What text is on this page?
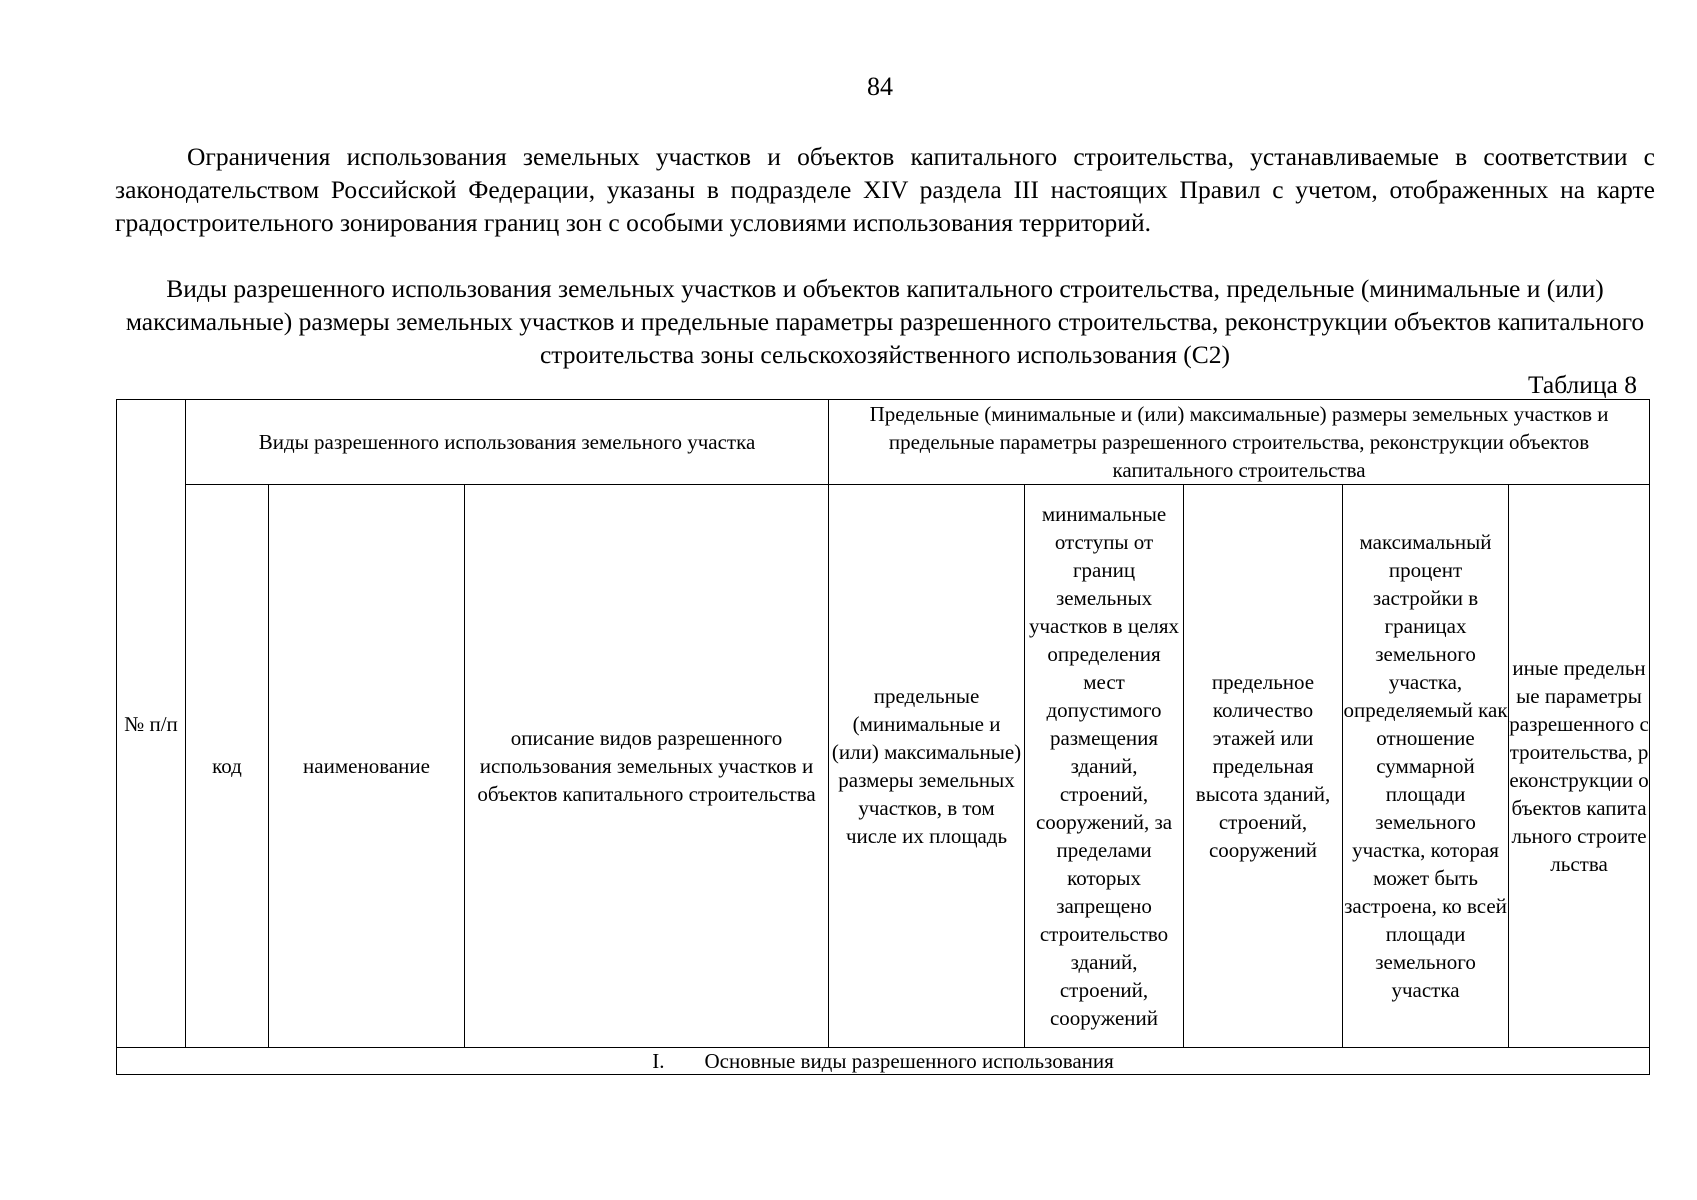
84

Ограничения использования земельных участков и объектов капитального строительства, устанавливаемые в соответствии с законодательством Российской Федерации, указаны в подразделе XIV раздела III настоящих Правил с учетом, отображенных на карте градостроительного зонирования границ зон с особыми условиями использования территорий.

Виды разрешенного использования земельных участков и объектов капитального строительства, предельные (минимальные и (или) максимальные) размеры земельных участков и предельные параметры разрешенного строительства, реконструкции объектов капитального строительства зоны сельскохозяйственного использования (С2)

Таблица 8
№ п/п	Виды разрешенного использования земельного участка			Предельные (минимальные и (или) максимальные) размеры земельных участков и предельные параметры разрешенного строительства, реконструкции объектов капитального строительства				
	код	наименование	описание видов разрешенного использования земельных участков и объектов капитального строительства	предельные (минимальные и (или) максимальные) размеры земельных участков, в том числе их площадь	минимальные отступы от границ земельных участков в целях определения мест допустимого размещения зданий, строений, сооружений, за пределами которых запрещено строительство зданий, строений, сооружений	предельное количество этажей или предельная высота зданий, строений, сооружений	максимальный процент застройки в границах земельного участка, определяемый как отношение суммарной площади земельного участка, которая может быть застроена, ко всей площади земельного участка	иные предельные параметры разрешенного строительства, реконструкции объектов капитального строительства
I. Основные виды разрешенного использования								
